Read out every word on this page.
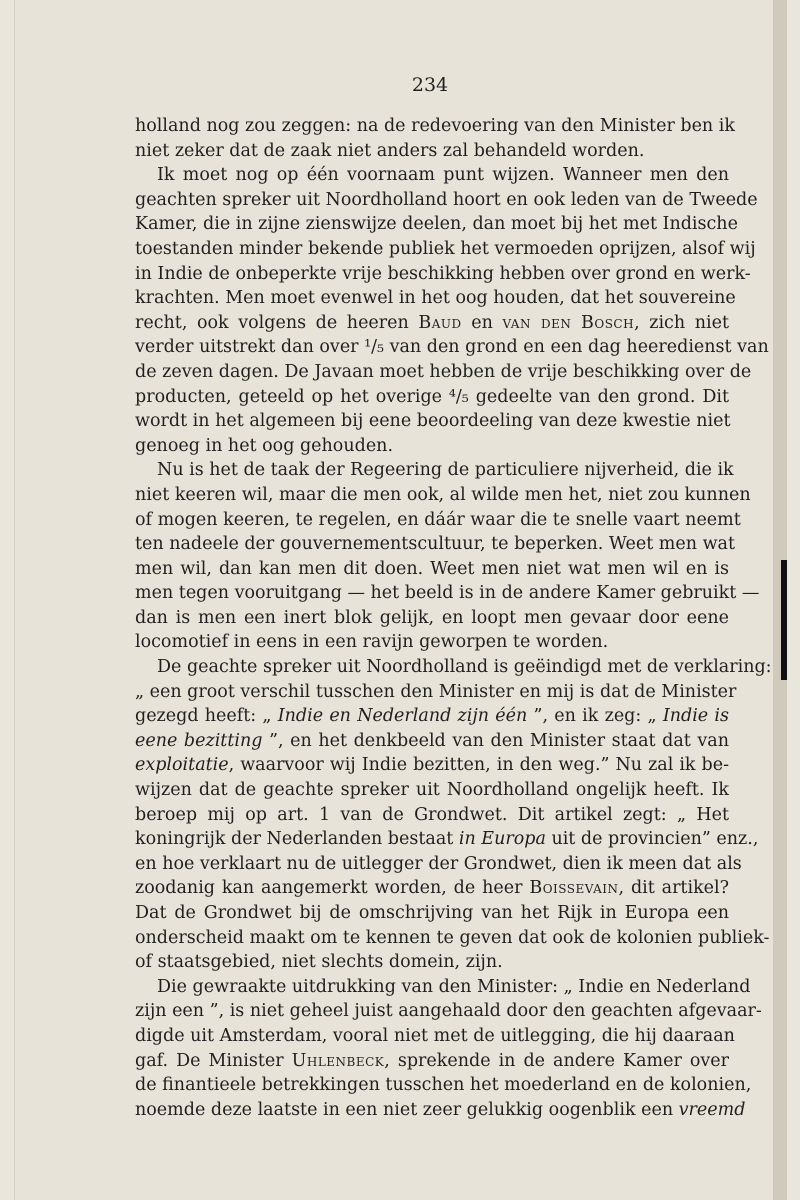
234
holland nog zou zeggen: na de redevoering van den Minister ben ik
niet zeker dat de zaak niet anders zal behandeld worden.
Ik moet nog op één voornaam punt wijzen. Wanneer men den
geachten spreker uit Noordholland hoort en ook leden van de Tweede
Kamer, die in zijne zienswijze deelen, dan moet bij het met Indische
toestanden minder bekende publiek het vermoeden oprijzen, alsof wij
in Indie de onbeperkte vrije beschikking hebben over grond en werk-
krachten. Men moet evenwel in het oog houden, dat het souvereine
recht, ook volgens de heeren Baud en van den Bosch, zich niet
verder uitstrekt dan over ¹/₅ van den grond en een dag heeredienst van
de zeven dagen. De Javaan moet hebben de vrije beschikking over de
producten, geteeld op het overige ⁴/₅ gedeelte van den grond. Dit
wordt in het algemeen bij eene beoordeeling van deze kwestie niet
genoeg in het oog gehouden.
Nu is het de taak der Regeering de particuliere nijverheid, die ik
niet keeren wil, maar die men ook, al wilde men het, niet zou kunnen
of mogen keeren, te regelen, en dáár waar die te snelle vaart neemt
ten nadeele der gouvernementscultuur, te beperken. Weet men wat
men wil, dan kan men dit doen. Weet men niet wat men wil en is
men tegen vooruitgang — het beeld is in de andere Kamer gebruikt —
dan is men een inert blok gelijk, en loopt men gevaar door eene
locomotief in eens in een ravijn geworpen te worden.
De geachte spreker uit Noordholland is geëindigd met de verklaring:
„ een groot verschil tusschen den Minister en mij is dat de Minister
gezegd heeft: „ Indie en Nederland zijn één ”, en ik zeg: „ Indie is
eene bezitting ”, en het denkbeeld van den Minister staat dat van
exploitatie, waarvoor wij Indie bezitten, in den weg.” Nu zal ik be-
wijzen dat de geachte spreker uit Noordholland ongelijk heeft. Ik
beroep mij op art. 1 van de Grondwet. Dit artikel zegt: „ Het
koningrijk der Nederlanden bestaat in Europa uit de provincien” enz.,
en hoe verklaart nu de uitlegger der Grondwet, dien ik meen dat als
zoodanig kan aangemerkt worden, de heer Boissevain, dit artikel?
Dat de Grondwet bij de omschrijving van het Rijk in Europa een
onderscheid maakt om te kennen te geven dat ook de kolonien publiek-
of staatsgebied, niet slechts domein, zijn.
Die gewraakte uitdrukking van den Minister: „ Indie en Nederland
zijn een ”, is niet geheel juist aangehaald door den geachten afgevaar-
digde uit Amsterdam, vooral niet met de uitlegging, die hij daaraan
gaf. De Minister Uhlenbeck, sprekende in de andere Kamer over
de finantieele betrekkingen tusschen het moederland en de kolonien,
noemde deze laatste in een niet zeer gelukkig oogenblik een vreemd
